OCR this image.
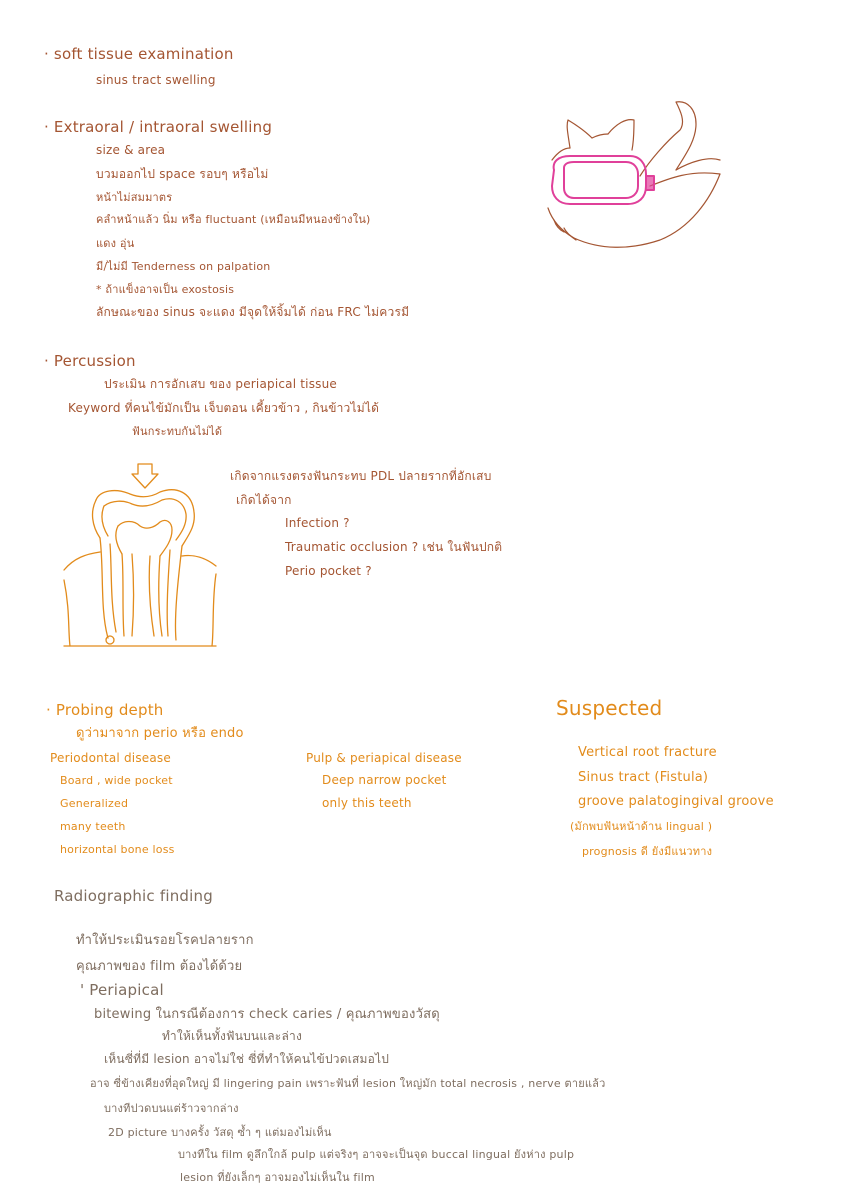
· soft tissue examination
sinus tract swelling
· Extraoral / intraoral swelling
size & area
บวมออกไป space รอบๆ หรือไม่
หน้าไม่สมมาตร
คลำหน้าแล้ว นิ่ม หรือ fluctuant (เหมือนมีหนองข้างใน)
แดง อุ่น
มี/ไม่มี Tenderness on palpation
* ถ้าแข็งอาจเป็น exostosis
ลักษณะของ sinus จะแดง มีจุดให้จิ้มได้ ก่อน FRC ไม่ควรมี
· Percussion
ประเมิน การอักเสบ ของ periapical tissue
Keyword ที่คนไข้มักเป็น เจ็บตอน เคี้ยวข้าว , กินข้าวไม่ได้
ฟันกระทบกันไม่ได้
เกิดจากแรงตรงฟันกระทบ PDL ปลายรากที่อักเสบ
เกิดได้จาก
Infection ?
Traumatic occlusion ? เช่น ในฟันปกติ
Perio pocket ?
· Probing depth
ดูว่ามาจาก perio หรือ endo
Periodontal disease
Board , wide pocket
Generalized
many teeth
horizontal bone loss
Pulp & periapical disease
Deep narrow pocket
only this teeth
Suspected
Vertical root fracture
Sinus tract (Fistula)
groove palatogingival groove
(มักพบฟันหน้าด้าน lingual )
prognosis ดี ยังมีแนวทาง
Radiographic finding
ทำให้ประเมินรอยโรคปลายราก
คุณภาพของ film ต้องได้ด้วย
' Periapical
bitewing ในกรณีต้องการ check caries / คุณภาพของวัสดุ
ทำให้เห็นทั้งฟันบนและล่าง
เห็นซี่ที่มี lesion อาจไม่ใช่ ซี่ที่ทำให้คนไข้ปวดเสมอไป
อาจ ซี่ข้างเคียงที่อุดใหญ่ มี lingering pain เพราะฟันที่ lesion ใหญ่มัก total necrosis , nerve ตายแล้ว
บางทีปวดบนแต่ร้าวจากล่าง
2D picture บางครั้ง วัสดุ ซ้ำ ๆ แต่มองไม่เห็น
บางทีใน film ดูลึกใกล้ pulp แต่จริงๆ อาจจะเป็นจุด buccal lingual ยังห่าง pulp
lesion ที่ยังเล็กๆ อาจมองไม่เห็นใน film
